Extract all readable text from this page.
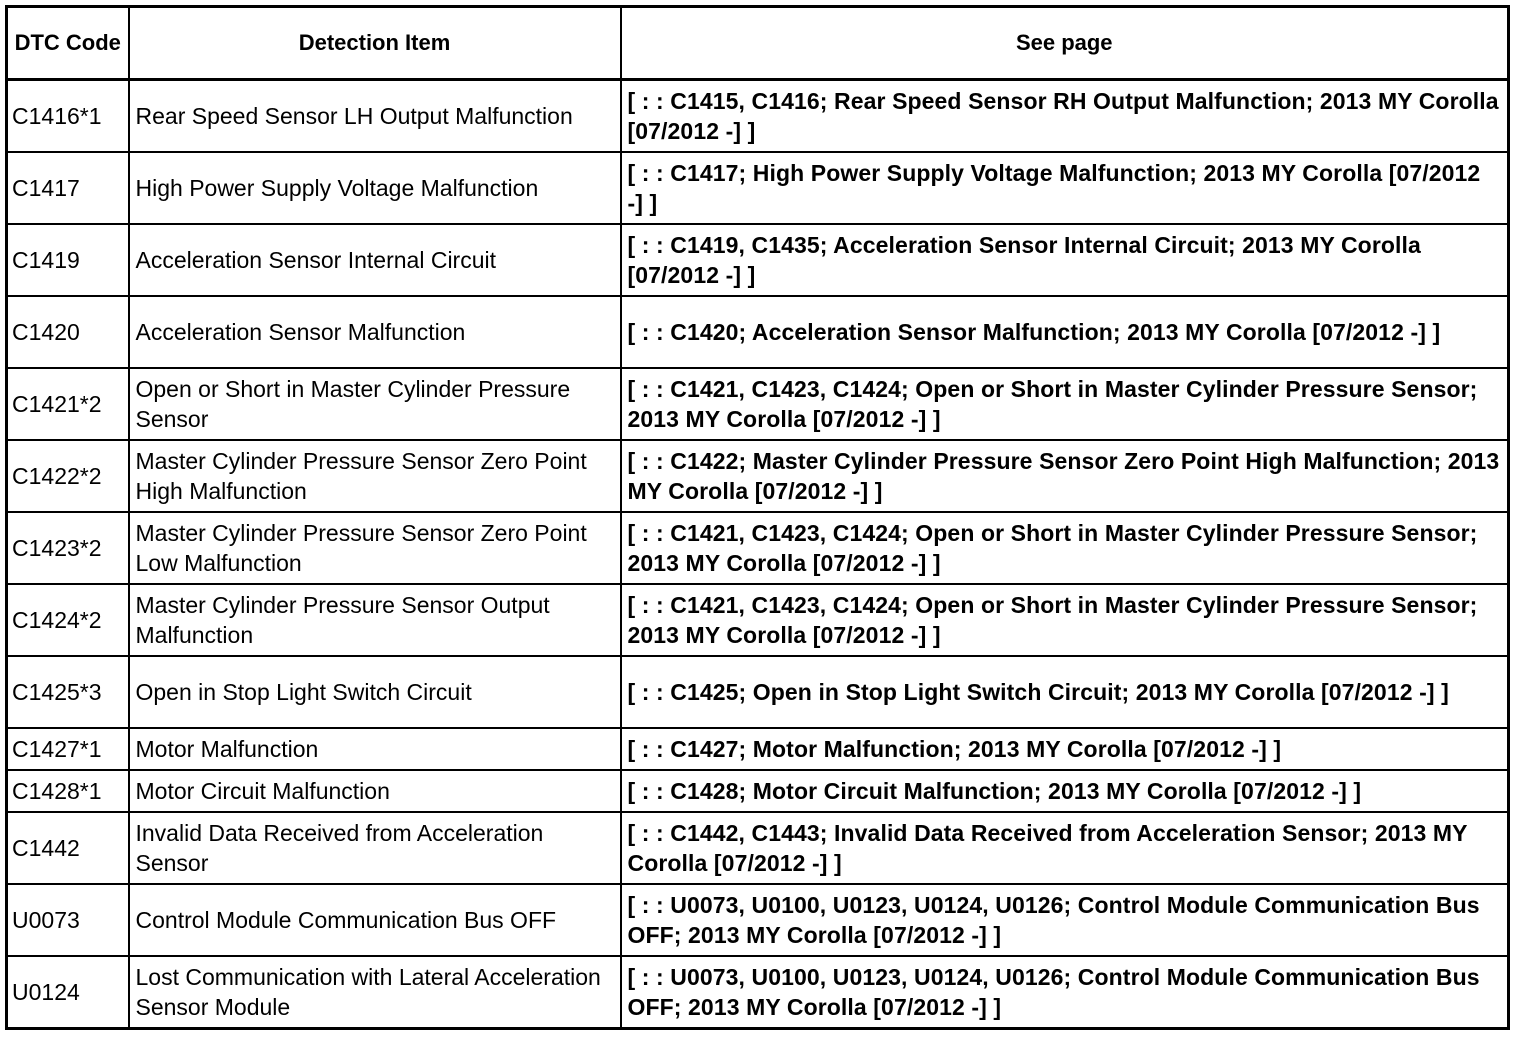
DTC Code	Detection Item	See page
C1416*1	Rear Speed Sensor LH Output Malfunction	[ : : C1415, C1416; Rear Speed Sensor RH Output Malfunction; 2013 MY Corolla [07/2012 -] ]
C1417	High Power Supply Voltage Malfunction	[ : : C1417; High Power Supply Voltage Malfunction; 2013 MY Corolla [07/2012 -] ]
C1419	Acceleration Sensor Internal Circuit	[ : : C1419, C1435; Acceleration Sensor Internal Circuit; 2013 MY Corolla [07/2012 -] ]
C1420	Acceleration Sensor Malfunction	[ : : C1420; Acceleration Sensor Malfunction; 2013 MY Corolla [07/2012 -] ]
C1421*2	Open or Short in Master Cylinder Pressure Sensor	[ : : C1421, C1423, C1424; Open or Short in Master Cylinder Pressure Sensor; 2013 MY Corolla [07/2012 -] ]
C1422*2	Master Cylinder Pressure Sensor Zero Point High Malfunction	[ : : C1422; Master Cylinder Pressure Sensor Zero Point High Malfunction; 2013 MY Corolla [07/2012 -] ]
C1423*2	Master Cylinder Pressure Sensor Zero Point Low Malfunction	[ : : C1421, C1423, C1424; Open or Short in Master Cylinder Pressure Sensor; 2013 MY Corolla [07/2012 -] ]
C1424*2	Master Cylinder Pressure Sensor Output Malfunction	[ : : C1421, C1423, C1424; Open or Short in Master Cylinder Pressure Sensor; 2013 MY Corolla [07/2012 -] ]
C1425*3	Open in Stop Light Switch Circuit	[ : : C1425; Open in Stop Light Switch Circuit; 2013 MY Corolla [07/2012 -] ]
C1427*1	Motor Malfunction	[ : : C1427; Motor Malfunction; 2013 MY Corolla [07/2012 -] ]
C1428*1	Motor Circuit Malfunction	[ : : C1428; Motor Circuit Malfunction; 2013 MY Corolla [07/2012 -] ]
C1442	Invalid Data Received from Acceleration Sensor	[ : : C1442, C1443; Invalid Data Received from Acceleration Sensor; 2013 MY Corolla [07/2012 -] ]
U0073	Control Module Communication Bus OFF	[ : : U0073, U0100, U0123, U0124, U0126; Control Module Communication Bus OFF; 2013 MY Corolla [07/2012 -] ]
U0124	Lost Communication with Lateral Acceleration Sensor Module	[ : : U0073, U0100, U0123, U0124, U0126; Control Module Communication Bus OFF; 2013 MY Corolla [07/2012 -] ]
